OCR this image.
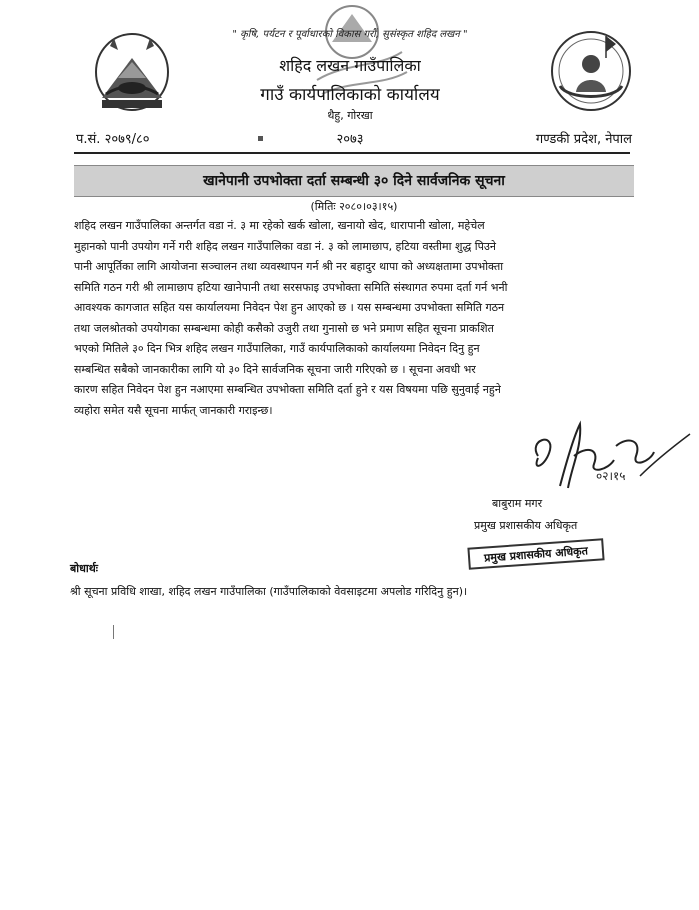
" कृषि, पर्यटन र पूर्वाधारको विकास गरौं, सुसंस्कृत शहिद लखन "
शहिद लखन गाउँपालिका
गाउँ कार्यपालिकाको कार्यालय
थैहु, गोरखा
प.सं. २०७९/८०	२०७३	गण्डकी प्रदेश, नेपाल
खानेपानी उपभोक्ता दर्ता सम्बन्धी ३० दिने सार्वजनिक सूचना
(मितिः २०८०।०३।१५)
शहिद लखन गाउँपालिका अन्तर्गत वडा नं. ३ मा रहेको खर्क खोला, खनायो खेद, धारापानी खोला, महेचेल
मुहानको पानी उपयोग गर्ने गरी शहिद लखन गाउँपालिका वडा नं. ३ को लामाछाप, हटिया वस्तीमा शुद्ध पिउने
पानी आपूर्तिका लागि आयोजना सञ्चालन तथा व्यवस्थापन गर्न श्री नर बहादुर थापा को अध्यक्षतामा उपभोक्ता
समिति गठन गरी श्री लामाछाप हटिया खानेपानी तथा सरसफाइ उपभोक्ता समिति संस्थागत रुपमा दर्ता गर्न भनी
आवश्यक कागजात सहित यस कार्यालयमा निवेदन पेश हुन आएको छ । यस सम्बन्धमा उपभोक्ता समिति गठन
तथा जलश्रोतको उपयोगका सम्बन्धमा कोही कसैको उजुरी तथा गुनासो छ भने प्रमाण सहित सूचना प्राकशित
भएको मितिले ३० दिन भित्र शहिद लखन गाउँपालिका, गाउँ कार्यपालिकाको कार्यालयमा निवेदन दिनु हुन
सम्बन्धित सबैको जानकारीका लागि यो ३० दिने सार्वजनिक सूचना जारी गरिएको छ । सूचना अवधी भर
कारण सहित निवेदन पेश हुन नआएमा सम्बन्धित उपभोक्ता समिति दर्ता हुने र यस विषयमा पछि सुनुवाई नहुने
व्यहोरा समेत यसै सूचना मार्फत् जानकारी गराइन्छ।
०२।१५
बाबुराम मगर
प्रमुख प्रशासकीय अधिकृत
प्रमुख प्रशासकीय अधिकृत
बोधार्थः
श्री सूचना प्रविधि शाखा, शहिद लखन गाउँपालिका (गाउँपालिकाको वेवसाइटमा अपलोड गरिदिनु हुन)।
